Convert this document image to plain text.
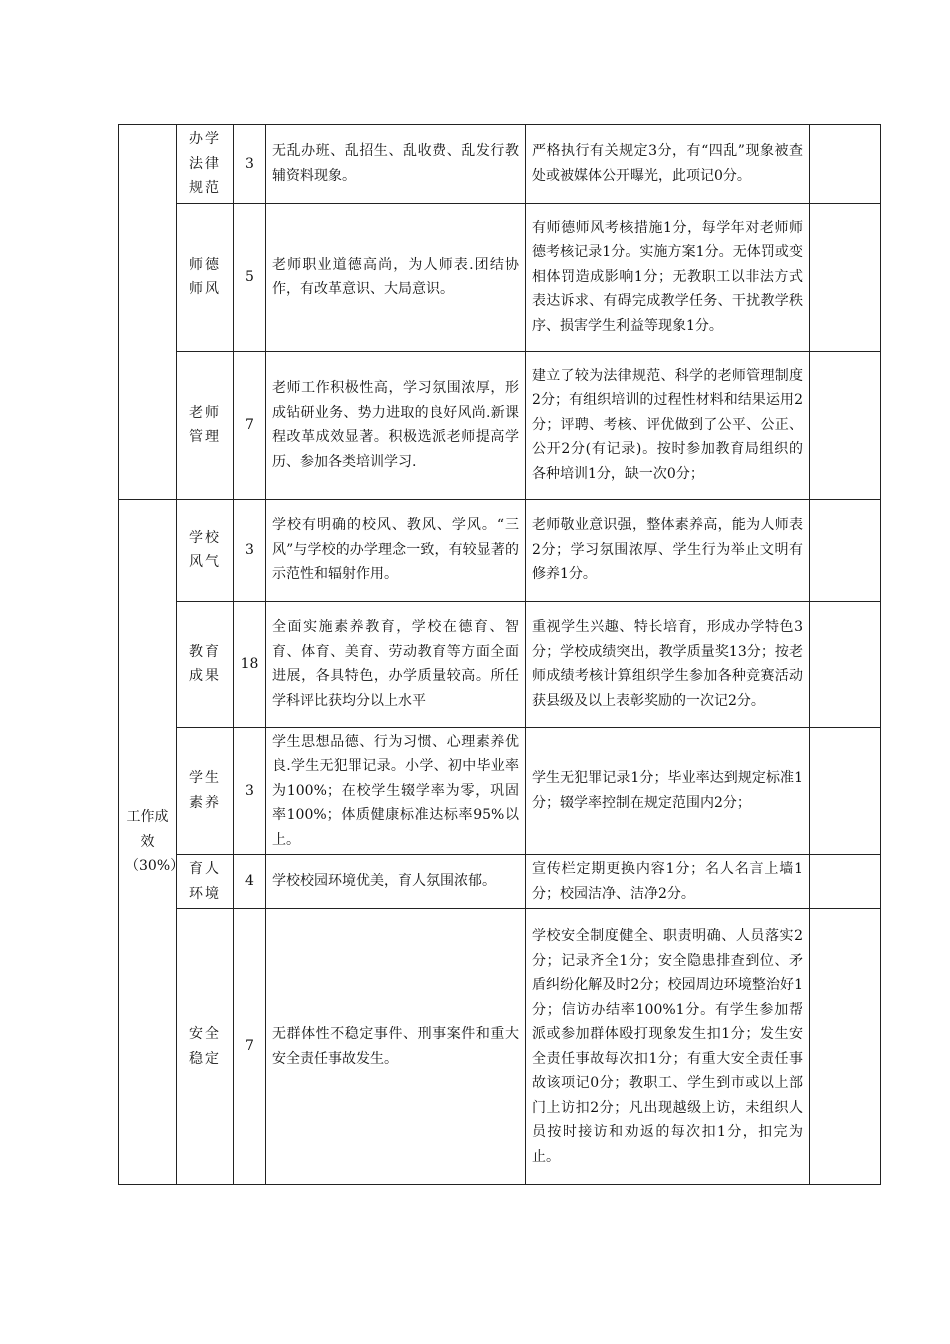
	办学法律规范	3	无乱办班、乱招生、乱收费、乱发行教辅资料现象。	严格执行有关规定3分，有“四乱”现象被查处或被媒体公开曝光，此项记0分。	
	师德师风	5	老师职业道德高尚，为人师表.团结协作，有改革意识、大局意识。	有师德师风考核措施1分，每学年对老师师德考核记录1分。实施方案1分。无体罚或变相体罚造成影响1分；无教职工以非法方式表达诉求、有碍完成教学任务、干扰教学秩序、损害学生利益等现象1分。	
	老师管理	7	老师工作积极性高，学习氛围浓厚，形成钻研业务、势力进取的良好风尚.新课程改革成效显著。积极选派老师提高学历、参加各类培训学习.	建立了较为法律规范、科学的老师管理制度2分；有组织培训的过程性材料和结果运用2分；评聘、考核、评优做到了公平、公正、公开2分(有记录)。按时参加教育局组织的各种培训1分，缺一次0分；	
工作成效（30%）	学校风气	3	学校有明确的校风、教风、学风。“三风”与学校的办学理念一致，有较显著的示范性和辐射作用。	老师敬业意识强，整体素养高，能为人师表2分；学习氛围浓厚、学生行为举止文明有修养1分。	
	教育成果	18	全面实施素养教育，学校在德育、智育、体育、美育、劳动教育等方面全面进展，各具特色，办学质量较高。所任学科评比获均分以上水平	重视学生兴趣、特长培育，形成办学特色3分；学校成绩突出，教学质量奖13分；按老师成绩考核计算组织学生参加各种竞赛活动获县级及以上表彰奖励的一次记2分。	
	学生素养	3	学生思想品德、行为习惯、心理素养优良.学生无犯罪记录。小学、初中毕业率为100%；在校学生辍学率为零，巩固率100%；体质健康标准达标率95%以上。	学生无犯罪记录1分；毕业率达到规定标准1分；辍学率控制在规定范围内2分；	
	育人环境	4	学校校园环境优美，育人氛围浓郁。	宣传栏定期更换内容1分；名人名言上墙1分；校园洁净、洁净2分。	
	安全稳定	7	无群体性不稳定事件、刑事案件和重大安全责任事故发生。	学校安全制度健全、职责明确、人员落实2分；记录齐全1分；安全隐患排查到位、矛盾纠纷化解及时2分；校园周边环境整治好1分；信访办结率100%1分。有学生参加帮派或参加群体殴打现象发生扣1分；发生安全责任事故每次扣1分；有重大安全责任事故该项记0分；教职工、学生到市或以上部门上访扣2分；凡出现越级上访，未组织人员按时接访和劝返的每次扣1分，扣完为止。	
